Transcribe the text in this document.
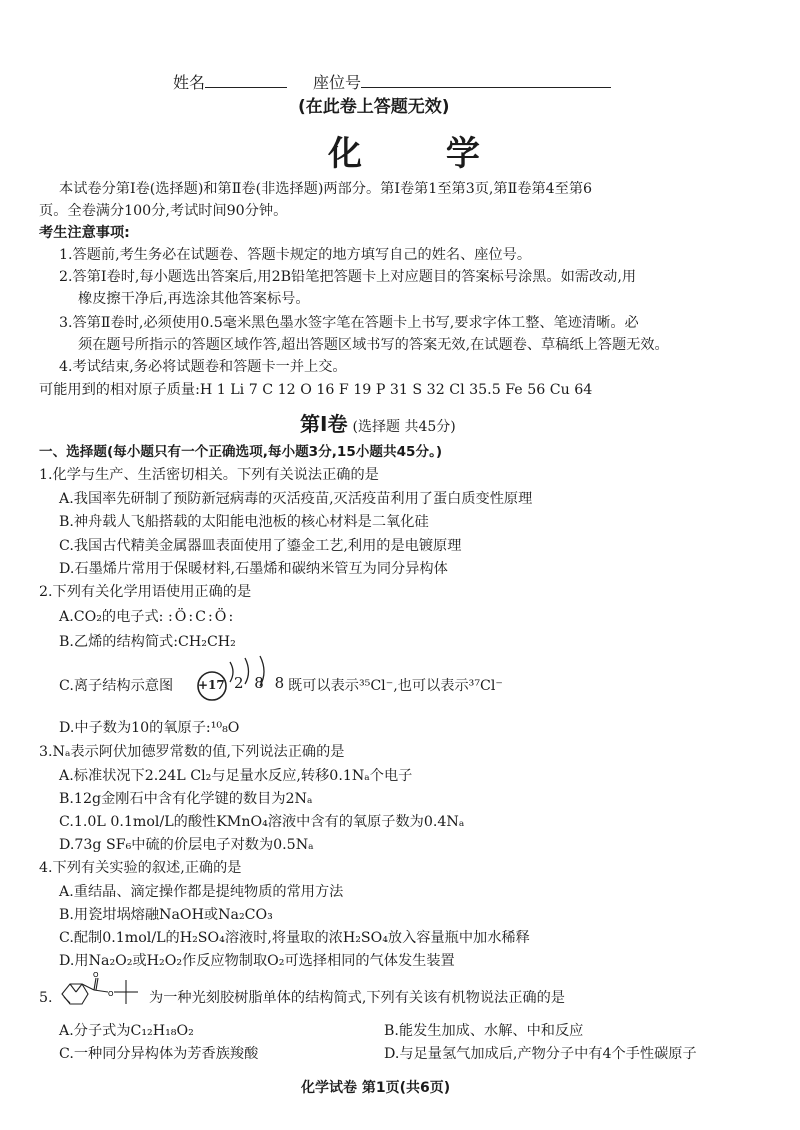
姓名	座位号
(在此卷上答题无效)
化 学
本试卷分第Ⅰ卷(选择题)和第Ⅱ卷(非选择题)两部分。第Ⅰ卷第1至第3页,第Ⅱ卷第4至第6
页。全卷满分100分,考试时间90分钟。
考生注意事项:
1.答题前,考生务必在试题卷、答题卡规定的地方填写自己的姓名、座位号。
2.答第Ⅰ卷时,每小题选出答案后,用2B铅笔把答题卡上对应题目的答案标号涂黑。如需改动,用
橡皮擦干净后,再选涂其他答案标号。
3.答第Ⅱ卷时,必须使用0.5毫米黑色墨水签字笔在答题卡上书写,要求字体工整、笔迹清晰。必
须在题号所指示的答题区域作答,超出答题区域书写的答案无效,在试题卷、草稿纸上答题无效。
4.考试结束,务必将试题卷和答题卡一并上交。
可能用到的相对原子质量:H 1 Li 7 C 12 O 16 F 19 P 31 S 32 Cl 35.5 Fe 56 Cu 64
第Ⅰ卷 (选择题 共45分)
一、选择题(每小题只有一个正确选项,每小题3分,15小题共45分。)
1.化学与生产、生活密切相关。下列有关说法正确的是
A.我国率先研制了预防新冠病毒的灭活疫苗,灭活疫苗利用了蛋白质变性原理
B.神舟载人飞船搭载的太阳能电池板的核心材料是二氧化硅
C.我国古代精美金属器皿表面使用了鎏金工艺,利用的是电镀原理
D.石墨烯片常用于保暖材料,石墨烯和碳纳米管互为同分异构体
2.下列有关化学用语使用正确的是
A.CO₂的电子式: :Ö:C:Ö:
B.乙烯的结构简式:CH₂CH₂
C.离子结构示意图 +17 2 8 8 既可以表示³⁵Cl⁻,也可以表示³⁷Cl⁻
D.中子数为10的氧原子:¹⁰₈O
3.Nₐ表示阿伏加德罗常数的值,下列说法正确的是
A.标准状况下2.24L Cl₂与足量水反应,转移0.1Nₐ个电子
B.12g金刚石中含有化学键的数目为2Nₐ
C.1.0L 0.1mol/L的酸性KMnO₄溶液中含有的氧原子数为0.4Nₐ
D.73g SF₆中硫的价层电子对数为0.5Nₐ
4.下列有关实验的叙述,正确的是
A.重结晶、滴定操作都是提纯物质的常用方法
B.用瓷坩埚熔融NaOH或Na₂CO₃
C.配制0.1mol/L的H₂SO₄溶液时,将量取的浓H₂SO₄放入容量瓶中加水稀释
D.用Na₂O₂或H₂O₂作反应物制取O₂可选择相同的气体发生装置
5.
O
O 为一种光刻胶树脂单体的结构简式,下列有关该有机物说法正确的是
A.分子式为C₁₂H₁₈O₂	B.能发生加成、水解、中和反应
C.一种同分异构体为芳香族羧酸	D.与足量氢气加成后,产物分子中有4个手性碳原子
化学试卷 第1页(共6页)
